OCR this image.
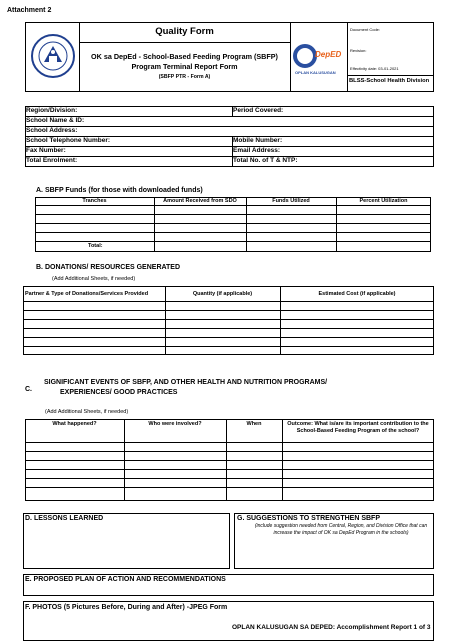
Attachment 2
Quality Form
OK sa DepEd - School-Based Feeding Program (SBFP)
Program Terminal Report Form
(SBFP PTR - Form A)
DepED
OPLAN KALUSUGAN
Document Code:
Revision:
Effectivity date: 03-01-2021
BLSS-School Health Division
Region/Division:	Period Covered:
School Name & ID:
School Address:
School Telephone Number:	Mobile Number:
Fax Number:	Email Address:
Total Enrolment:	Total No. of T & NTP:
A. SBFP Funds (for those with downloaded funds)
Tranches	Amount Received from SDO	Funds Utilized	Percent Utilization
Total:
B. DONATIONS/ RESOURCES GENERATED
(Add Additional Sheets, if needed)
Partner & Type of Donations/Services Provided	Quantity (if applicable)	Estimated Cost (if applicable)
C.
SIGNIFICANT EVENTS OF SBFP, AND OTHER HEALTH AND NUTRITION PROGRAMS/
EXPERIENCES/ GOOD PRACTICES
(Add Additional Sheets, if needed)
What happened?	Who were involved?	When	Outcome: What is/are its important contribution to the School-Based Feeding Program of the school?
D. LESSONS LEARNED	G. SUGGESTIONS TO STRENGTHEN SBFP
(include suggestion needed from Central, Region, and Division Office that can increase the impact of OK sa DepEd Program in the schools)
E. PROPOSED PLAN OF ACTION AND RECOMMENDATIONS
F. PHOTOS (5 Pictures Before, During and After) -JPEG Form
OPLAN KALUSUGAN SA DEPED: Accomplishment Report 1 of 3
